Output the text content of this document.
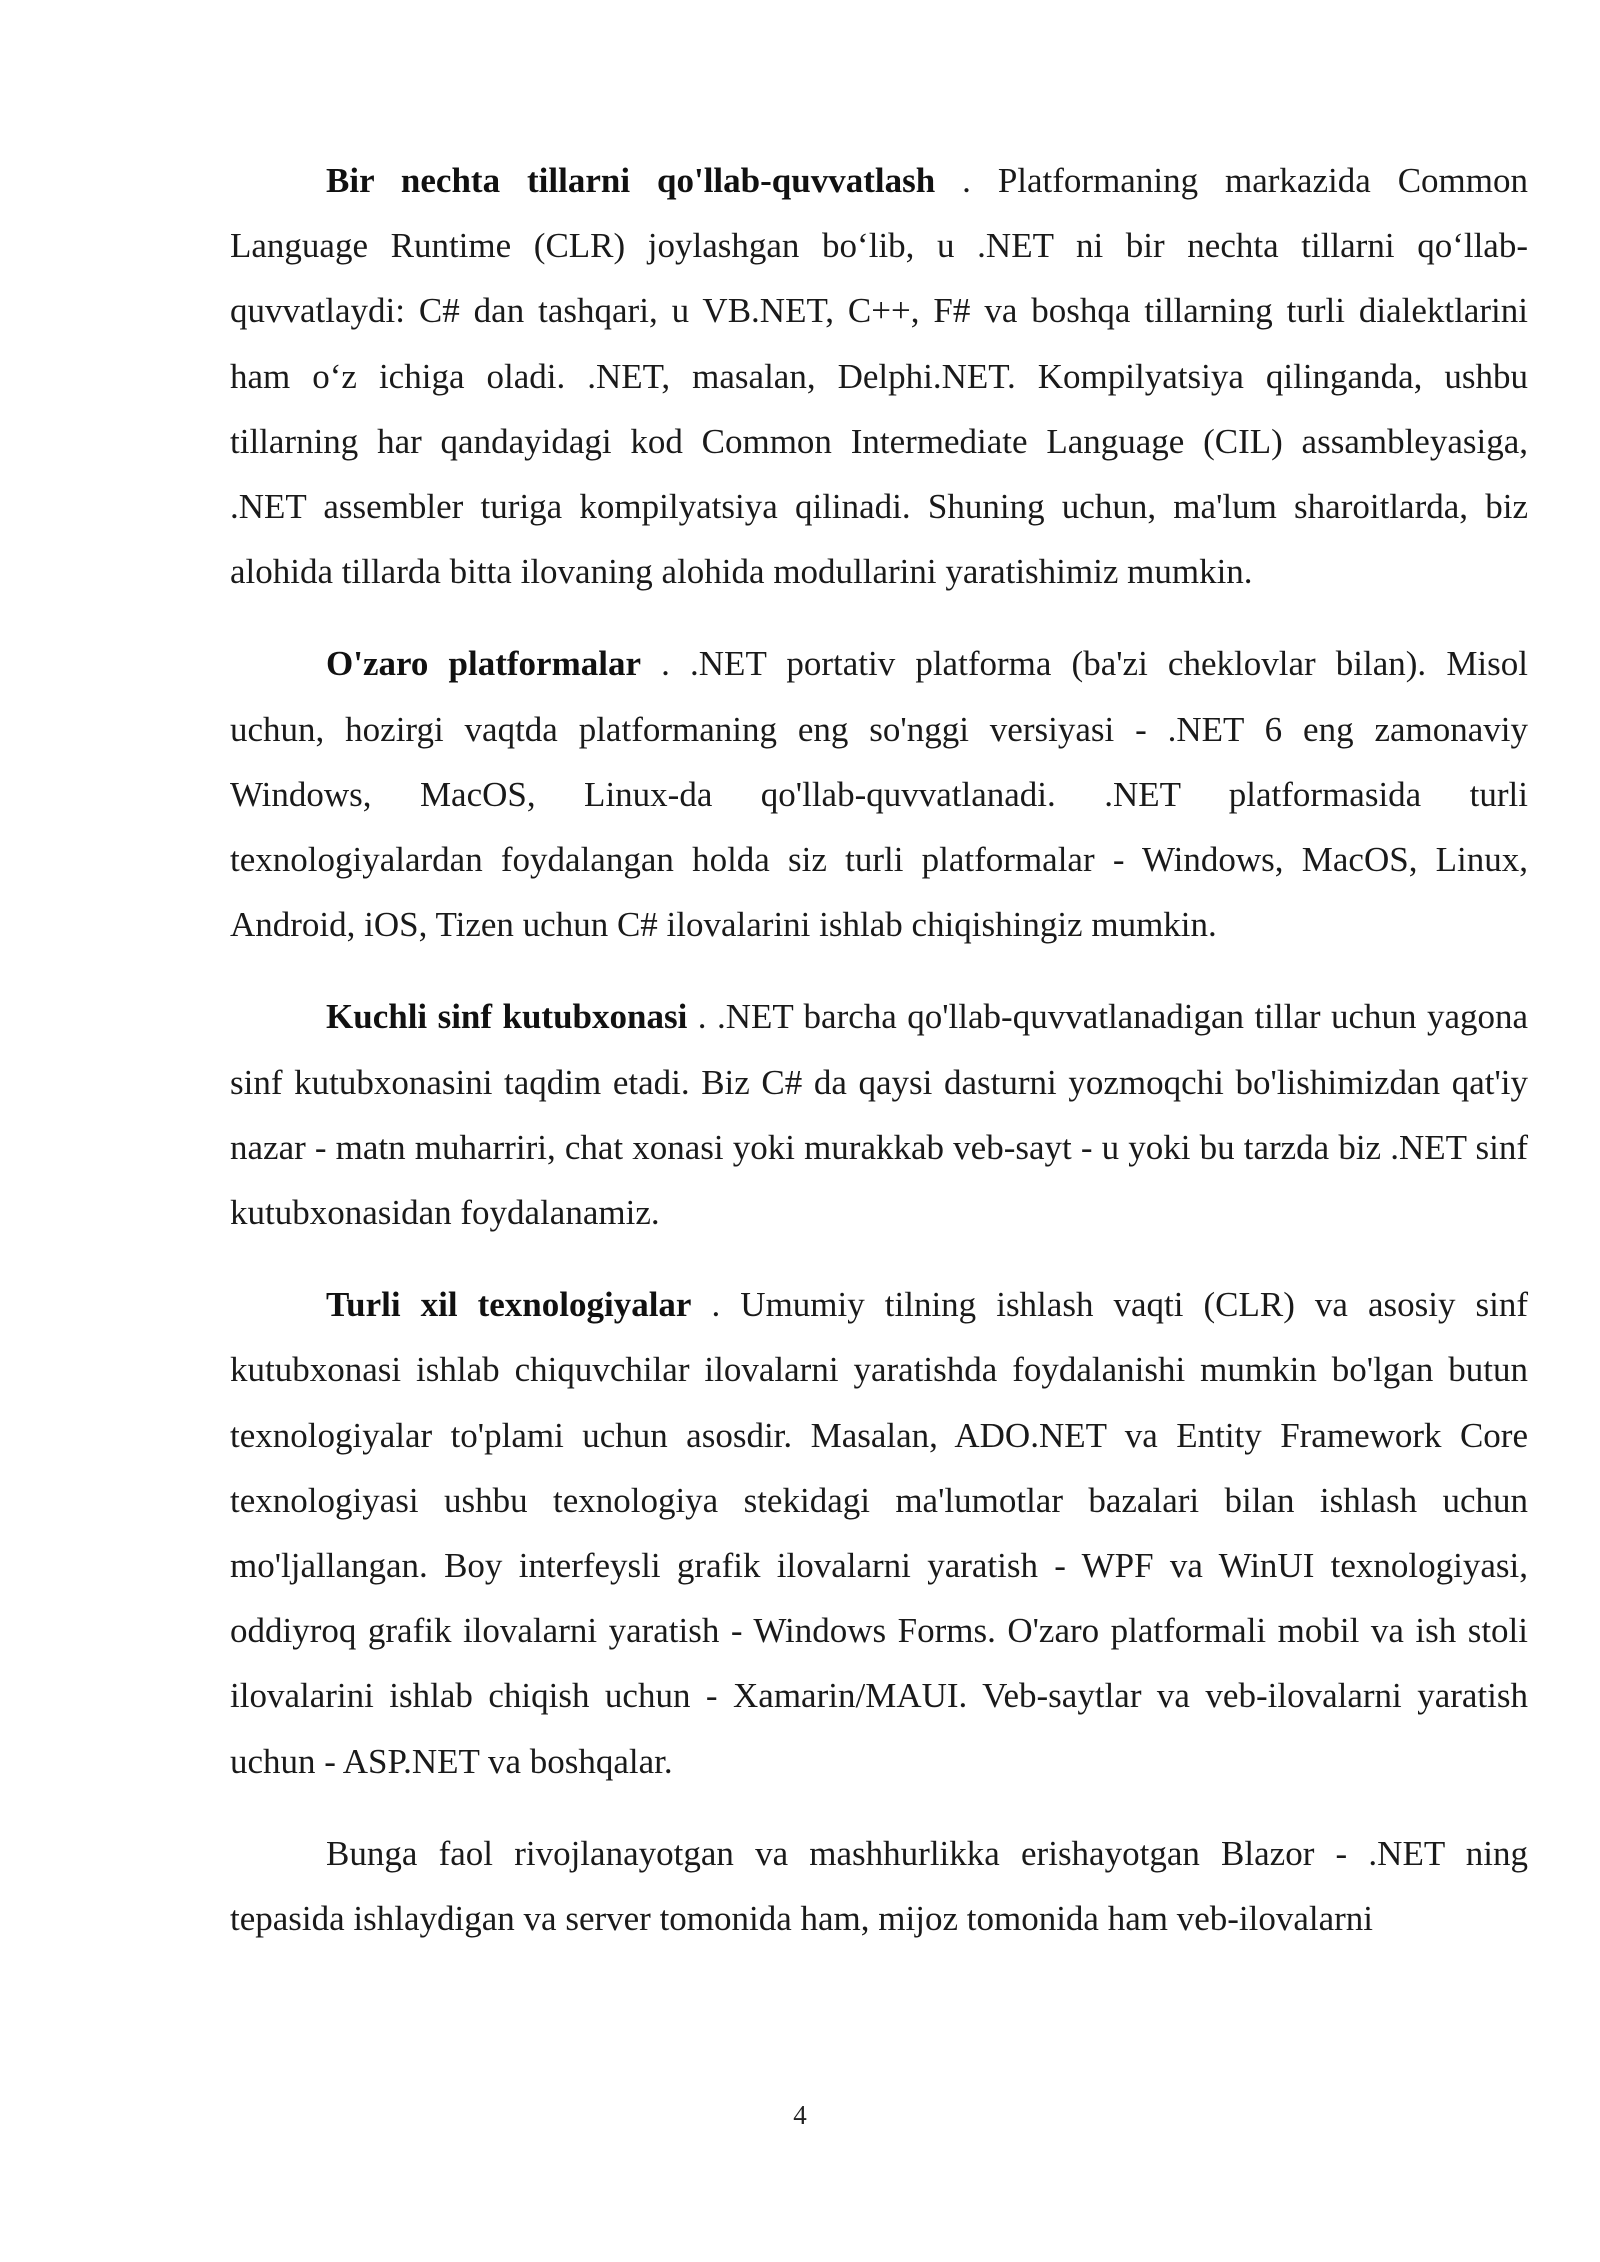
Bir nechta tillarni qo'llab-quvvatlash . Platformaning markazida Common Language Runtime (CLR) joylashgan bo‘lib, u .NET ni bir nechta tillarni qo‘llab-quvvatlaydi: C# dan tashqari, u VB.NET, C++, F# va boshqa tillarning turli dialektlarini ham o‘z ichiga oladi. .NET, masalan, Delphi.NET. Kompilyatsiya qilinganda, ushbu tillarning har qandayidagi kod Common Intermediate Language (CIL) assambleyasiga, .NET assembler turiga kompilyatsiya qilinadi. Shuning uchun, ma'lum sharoitlarda, biz alohida tillarda bitta ilovaning alohida modullarini yaratishimiz mumkin.

O'zaro platformalar . .NET portativ platforma (ba'zi cheklovlar bilan). Misol uchun, hozirgi vaqtda platformaning eng so'nggi versiyasi - .NET 6 eng zamonaviy Windows, MacOS, Linux-da qo'llab-quvvatlanadi. .NET platformasida turli texnologiyalardan foydalangan holda siz turli platformalar - Windows, MacOS, Linux, Android, iOS, Tizen uchun C# ilovalarini ishlab chiqishingiz mumkin.

Kuchli sinf kutubxonasi . .NET barcha qo'llab-quvvatlanadigan tillar uchun yagona sinf kutubxonasini taqdim etadi. Biz C# da qaysi dasturni yozmoqchi bo'lishimizdan qat'iy nazar - matn muharriri, chat xonasi yoki murakkab veb-sayt - u yoki bu tarzda biz .NET sinf kutubxonasidan foydalanamiz.

Turli xil texnologiyalar . Umumiy tilning ishlash vaqti (CLR) va asosiy sinf kutubxonasi ishlab chiquvchilar ilovalarni yaratishda foydalanishi mumkin bo'lgan butun texnologiyalar to'plami uchun asosdir. Masalan, ADO.NET va Entity Framework Core texnologiyasi ushbu texnologiya stekidagi ma'lumotlar bazalari bilan ishlash uchun mo'ljallangan. Boy interfeysli grafik ilovalarni yaratish - WPF va WinUI texnologiyasi, oddiyroq grafik ilovalarni yaratish - Windows Forms. O'zaro platformali mobil va ish stoli ilovalarini ishlab chiqish uchun - Xamarin/MAUI. Veb-saytlar va veb-ilovalarni yaratish uchun - ASP.NET va boshqalar.

Bunga faol rivojlanayotgan va mashhurlikka erishayotgan Blazor - .NET ning tepasida ishlaydigan va server tomonida ham, mijoz tomonida ham veb-ilovalarni

4
